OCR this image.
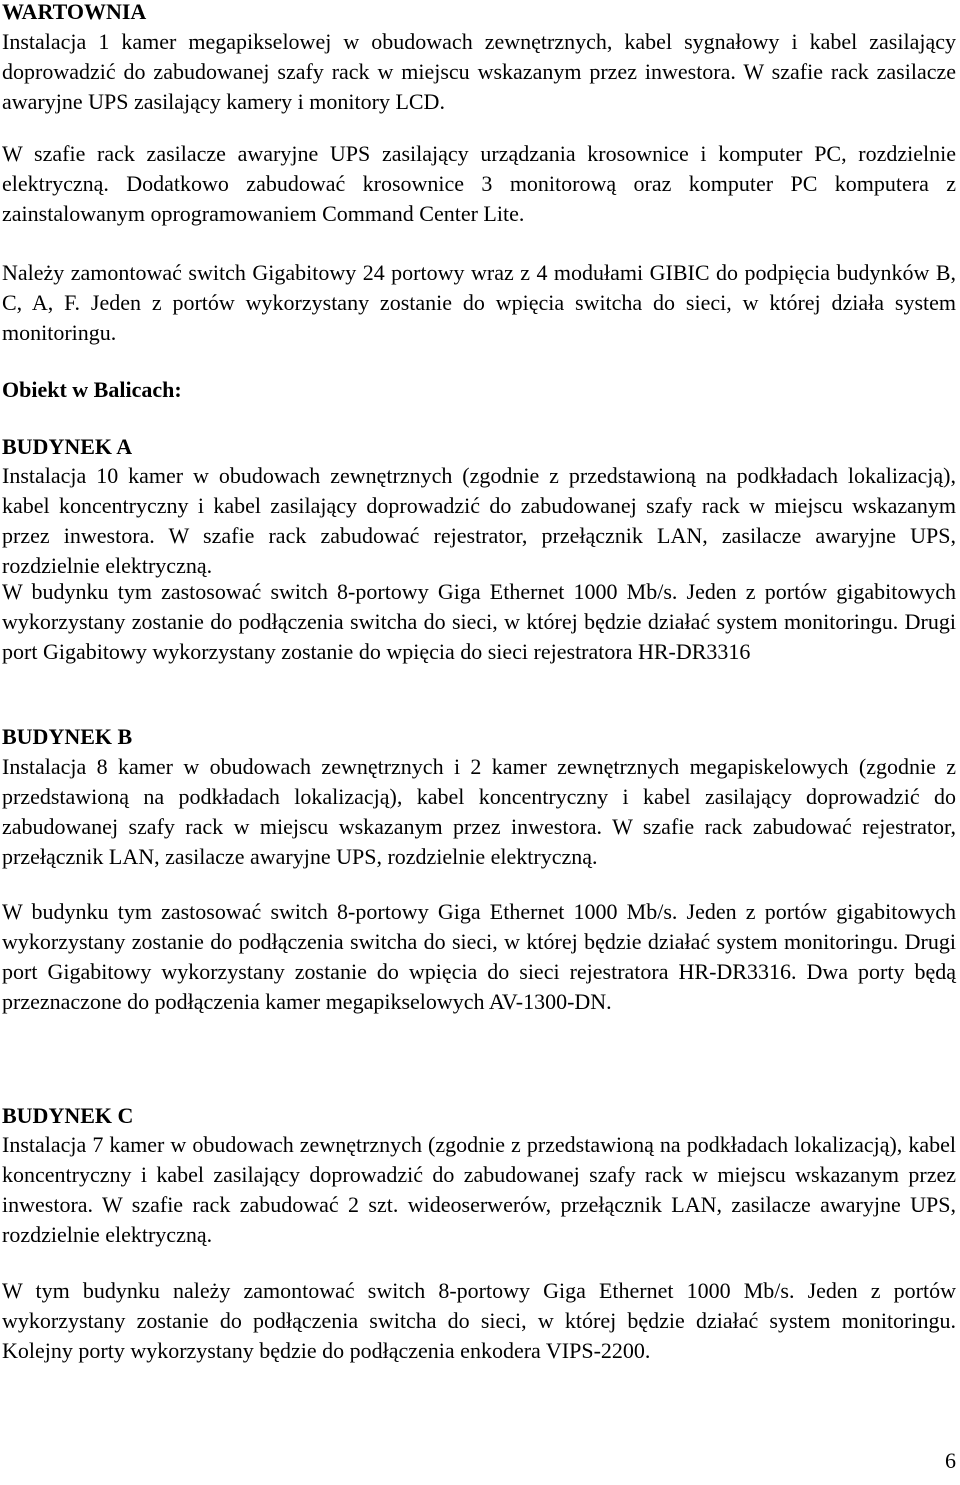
WARTOWNIA

Instalacja 1 kamer megapikselowej w obudowach zewnętrznych, kabel sygnałowy i kabel zasilający doprowadzić do zabudowanej szafy rack w miejscu wskazanym przez inwestora. W szafie rack zasilacze awaryjne UPS zasilający kamery i monitory LCD.

W szafie rack zasilacze awaryjne UPS zasilający urządzania krosownice i komputer PC, rozdzielnie elektryczną. Dodatkowo zabudować krosownice 3 monitorową oraz komputer PC komputera z zainstalowanym oprogramowaniem Command Center Lite.

Należy zamontować switch Gigabitowy 24 portowy wraz z 4 modułami GIBIC do podpięcia budynków B, C, A, F. Jeden z portów wykorzystany zostanie do wpięcia switcha do sieci, w której działa system monitoringu.

Obiekt w Balicach:
BUDYNEK A

Instalacja 10 kamer w obudowach zewnętrznych (zgodnie z przedstawioną na podkładach lokalizacją), kabel koncentryczny i kabel zasilający doprowadzić do zabudowanej szafy rack w miejscu wskazanym przez inwestora. W szafie rack zabudować rejestrator, przełącznik LAN, zasilacze awaryjne UPS, rozdzielnie elektryczną.

W budynku tym zastosować switch 8-portowy Giga Ethernet 1000 Mb/s. Jeden z portów gigabitowych wykorzystany zostanie do podłączenia switcha do sieci, w której będzie działać system monitoringu. Drugi port Gigabitowy wykorzystany zostanie do wpięcia do sieci rejestratora HR-DR3316

BUDYNEK B

Instalacja 8 kamer w obudowach zewnętrznych i 2 kamer zewnętrznych megapiskelowych (zgodnie z przedstawioną na podkładach lokalizacją), kabel koncentryczny i kabel zasilający doprowadzić do zabudowanej szafy rack w miejscu wskazanym przez inwestora. W szafie rack zabudować rejestrator, przełącznik LAN, zasilacze awaryjne UPS, rozdzielnie elektryczną.

W budynku tym zastosować switch 8-portowy Giga Ethernet 1000 Mb/s. Jeden z portów gigabitowych wykorzystany zostanie do podłączenia switcha do sieci, w której będzie działać system monitoringu. Drugi port Gigabitowy wykorzystany zostanie do wpięcia do sieci rejestratora HR-DR3316. Dwa porty będą przeznaczone do podłączenia kamer megapikselowych AV-1300-DN.

BUDYNEK C

Instalacja 7 kamer w obudowach zewnętrznych (zgodnie z przedstawioną na podkładach lokalizacją), kabel koncentryczny i kabel zasilający doprowadzić do zabudowanej szafy rack w miejscu wskazanym przez inwestora. W szafie rack zabudować 2 szt. wideoserwerów, przełącznik LAN, zasilacze awaryjne UPS, rozdzielnie elektryczną.

W tym budynku należy zamontować switch 8-portowy Giga Ethernet 1000 Mb/s. Jeden z portów wykorzystany zostanie do podłączenia switcha do sieci, w której będzie działać system monitoringu. Kolejny porty wykorzystany będzie do podłączenia enkodera VIPS-2200.

6
